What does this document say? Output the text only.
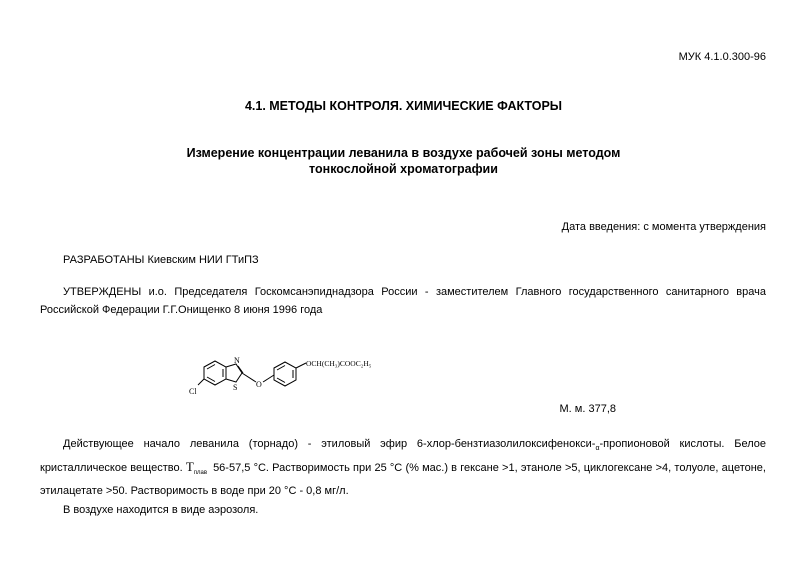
МУК 4.1.0.300-96
4.1. МЕТОДЫ КОНТРОЛЯ. ХИМИЧЕСКИЕ ФАКТОРЫ
Измерение концентрации леванила в воздухе рабочей зоны методом
тонкослойной хроматографии
Дата введения: с момента утверждения
РАЗРАБОТАНЫ Киевским НИИ ГТиПЗ
УТВЕРЖДЕНЫ и.о. Председателя Госкомсанэпиднадзора России - заместителем Главного государственного санитарного врача Российской Федерации Г.Г.Онищенко 8 июня 1996 года
Cl
N
S O
OCH(CH₃)COOC₂H₅
М. м. 377,8
Действующее начало леванила (торнадо) - этиловый эфир $6-хлор-бензтиазолилоксифенокси-_\alpha$-пропионовой кислоты. Белое кристаллическое вещество. $T_{плав}$ 56-57,5 °С. Растворимость при 25 °С (% мас.) в гексане >1, этаноле >5, циклогексане >4, толуоле, ацетоне, этилацетате >50. Растворимость в воде при 20 °С - 0,8 мг/л.
В воздухе находится в виде аэрозоля.
